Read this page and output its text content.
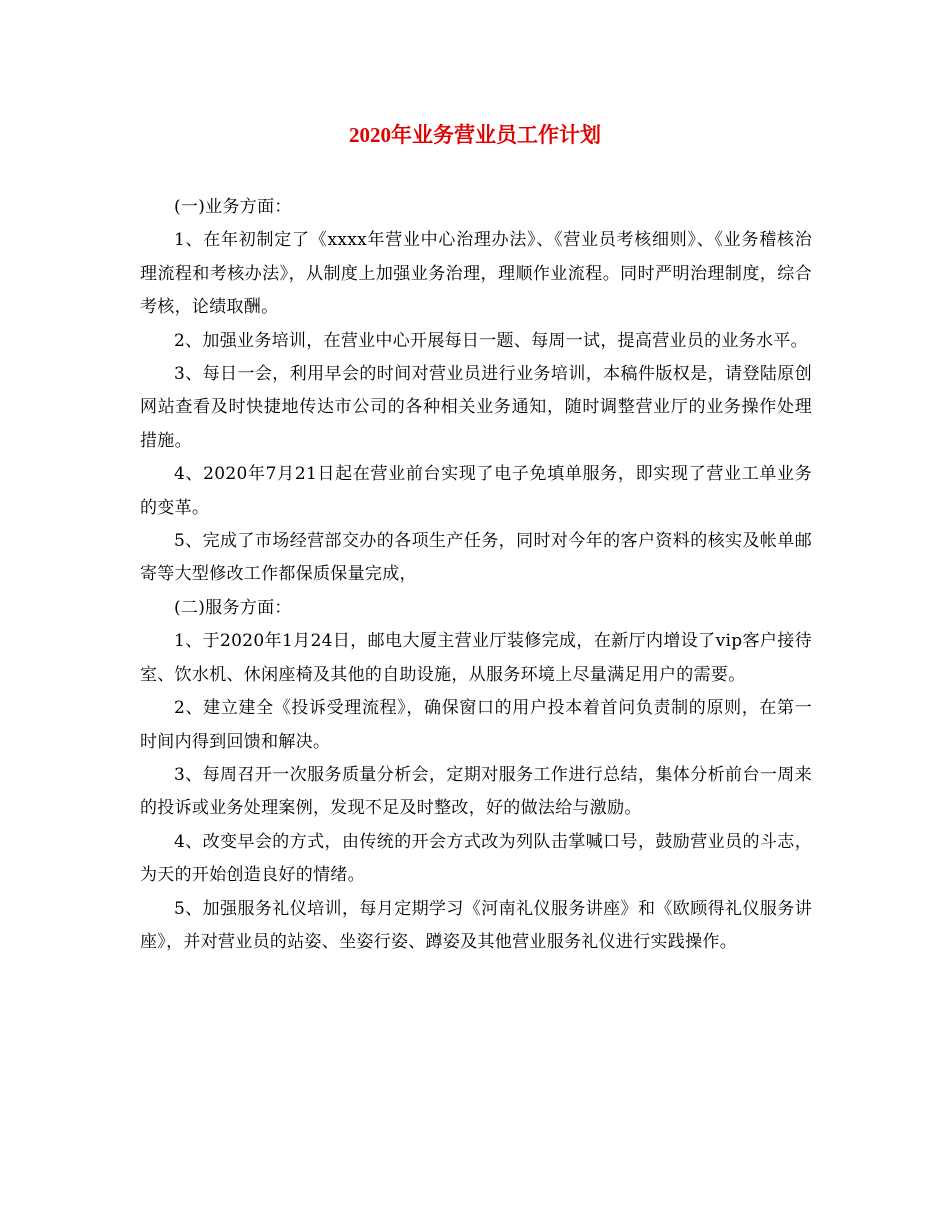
2020年业务营业员工作计划

(一)业务方面：

1、在年初制定了《xxxx年营业中心治理办法》、《营业员考核细则》、《业务稽核治理流程和考核办法》，从制度上加强业务治理，理顺作业流程。同时严明治理制度，综合考核，论绩取酬。

2、加强业务培训，在营业中心开展每日一题、每周一试，提高营业员的业务水平。

3、每日一会，利用早会的时间对营业员进行业务培训，本稿件版权是，请登陆原创网站查看及时快捷地传达市公司的各种相关业务通知，随时调整营业厅的业务操作处理措施。

4、2020年7月21日起在营业前台实现了电子免填单服务，即实现了营业工单业务的变革。

5、完成了市场经营部交办的各项生产任务，同时对今年的客户资料的核实及帐单邮寄等大型修改工作都保质保量完成，

(二)服务方面：

1、于2020年1月24日，邮电大厦主营业厅装修完成，在新厅内增设了vip客户接待室、饮水机、休闲座椅及其他的自助设施，从服务环境上尽量满足用户的需要。

2、建立建全《投诉受理流程》，确保窗口的用户投本着首问负责制的原则，在第一时间内得到回馈和解决。

3、每周召开一次服务质量分析会，定期对服务工作进行总结，集体分析前台一周来的投诉或业务处理案例，发现不足及时整改，好的做法给与激励。

4、改变早会的方式，由传统的开会方式改为列队击掌喊口号，鼓励营业员的斗志，为天的开始创造良好的情绪。

5、加强服务礼仪培训，每月定期学习《河南礼仪服务讲座》和《欧顾得礼仪服务讲座》，并对营业员的站姿、坐姿行姿、蹲姿及其他营业服务礼仪进行实践操作。
